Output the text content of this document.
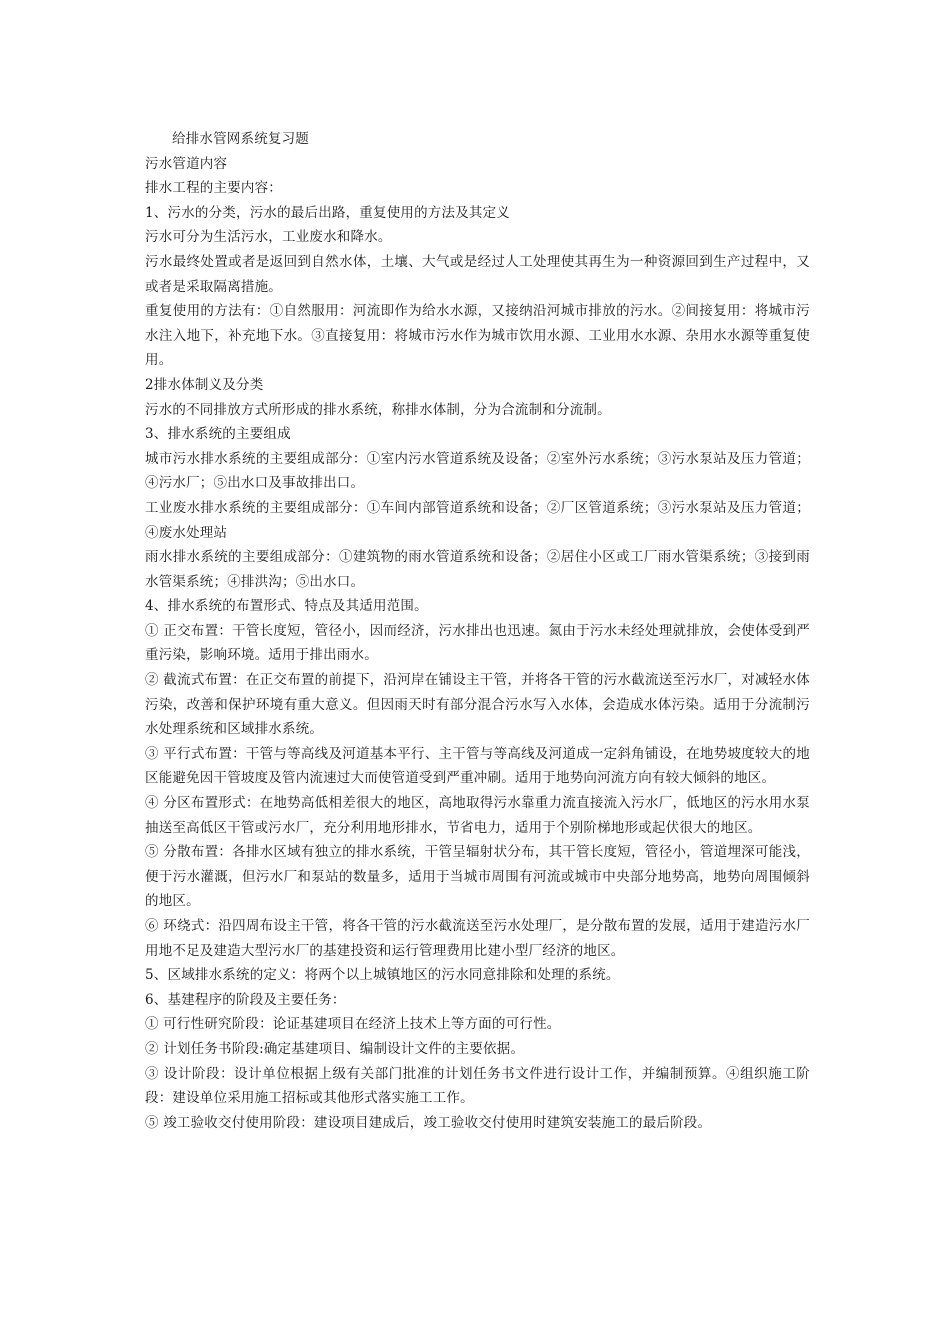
给排水管网系统复习题

污水管道内容

排水工程的主要内容：

1、污水的分类，污水的最后出路，重复使用的方法及其定义

污水可分为生活污水，工业废水和降水。

污水最终处置或者是返回到自然水体，土壤、大气或是经过人工处理使其再生为一种资源回到生产过程中，又或者是采取隔离措施。

重复使用的方法有：①自然服用：河流即作为给水水源，又接纳沿河城市排放的污水。②间接复用：将城市污水注入地下，补充地下水。③直接复用：将城市污水作为城市饮用水源、工业用水水源、杂用水水源等重复使用。

2排水体制义及分类

污水的不同排放方式所形成的排水系统，称排水体制，分为合流制和分流制。

3、排水系统的主要组成

城市污水排水系统的主要组成部分：①室内污水管道系统及设备；②室外污水系统；③污水泵站及压力管道；④污水厂；⑤出水口及事故排出口。

工业废水排水系统的主要组成部分：①车间内部管道系统和设备；②厂区管道系统；③污水泵站及压力管道；④废水处理站

雨水排水系统的主要组成部分：①建筑物的雨水管道系统和设备；②居住小区或工厂雨水管渠系统；③接到雨水管渠系统；④排洪沟；⑤出水口。

4、排水系统的布置形式、特点及其适用范围。

① 正交布置：干管长度短，管径小，因而经济，污水排出也迅速。氮由于污水未经处理就排放，会使体受到严重污染，影响环境。适用于排出雨水。

② 截流式布置：在正交布置的前提下，沿河岸在铺设主干管，并将各干管的污水截流送至污水厂，对减轻水体污染，改善和保护环境有重大意义。但因雨天时有部分混合污水写入水体，会造成水体污染。适用于分流制污水处理系统和区域排水系统。

③ 平行式布置：干管与等高线及河道基本平行、主干管与等高线及河道成一定斜角铺设，在地势坡度较大的地区能避免因干管坡度及管内流速过大而使管道受到严重冲刷。适用于地势向河流方向有较大倾斜的地区。

④ 分区布置形式：在地势高低相差很大的地区，高地取得污水靠重力流直接流入污水厂，低地区的污水用水泵抽送至高低区干管或污水厂，充分利用地形排水，节省电力，适用于个别阶梯地形或起伏很大的地区。

⑤ 分散布置：各排水区域有独立的排水系统，干管呈辐射状分布，其干管长度短，管径小，管道埋深可能浅，便于污水灌溉，但污水厂和泵站的数量多，适用于当城市周围有河流或城市中央部分地势高，地势向周围倾斜的地区。

⑥ 环绕式：沿四周布设主干管，将各干管的污水截流送至污水处理厂，是分散布置的发展，适用于建造污水厂用地不足及建造大型污水厂的基建投资和运行管理费用比建小型厂经济的地区。

5、区域排水系统的定义：将两个以上城镇地区的污水同意排除和处理的系统。

6、基建程序的阶段及主要任务：

① 可行性研究阶段：论证基建项目在经济上技术上等方面的可行性。

② 计划任务书阶段:确定基建项目、编制设计文件的主要依据。

③ 设计阶段：设计单位根据上级有关部门批准的计划任务书文件进行设计工作，并编制预算。④组织施工阶段：建设单位采用施工招标或其他形式落实施工工作。

⑤ 竣工验收交付使用阶段：建设项目建成后，竣工验收交付使用时建筑安装施工的最后阶段。
